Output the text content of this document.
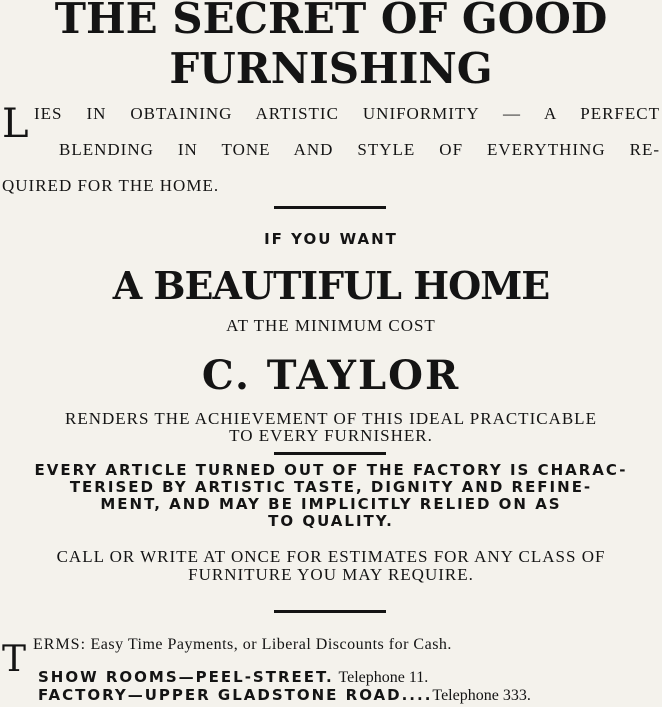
THE SECRET OF GOOD
FURNISHING
L IES IN OBTAINING ARTISTIC UNIFORMITY — A PERFECT
BLENDING IN TONE AND STYLE OF EVERYTHING RE-
QUIRED FOR THE HOME.
IF YOU WANT
A BEAUTIFUL HOME
AT THE MINIMUM COST
C. TAYLOR
RENDERS THE ACHIEVEMENT OF THIS IDEAL PRACTICABLE
TO EVERY FURNISHER.
EVERY ARTICLE TURNED OUT OF THE FACTORY IS CHARAC-
TERISED BY ARTISTIC TASTE, DIGNITY AND REFINE-
MENT, AND MAY BE IMPLICITLY RELIED ON AS
TO QUALITY.
CALL OR WRITE AT ONCE FOR ESTIMATES FOR ANY CLASS OF
FURNITURE YOU MAY REQUIRE.
T ERMS: Easy Time Payments, or Liberal Discounts for Cash.
SHOW ROOMS—PEEL-STREET. Telephone 11.
FACTORY—UPPER GLADSTONE ROAD....Telephone 333.
